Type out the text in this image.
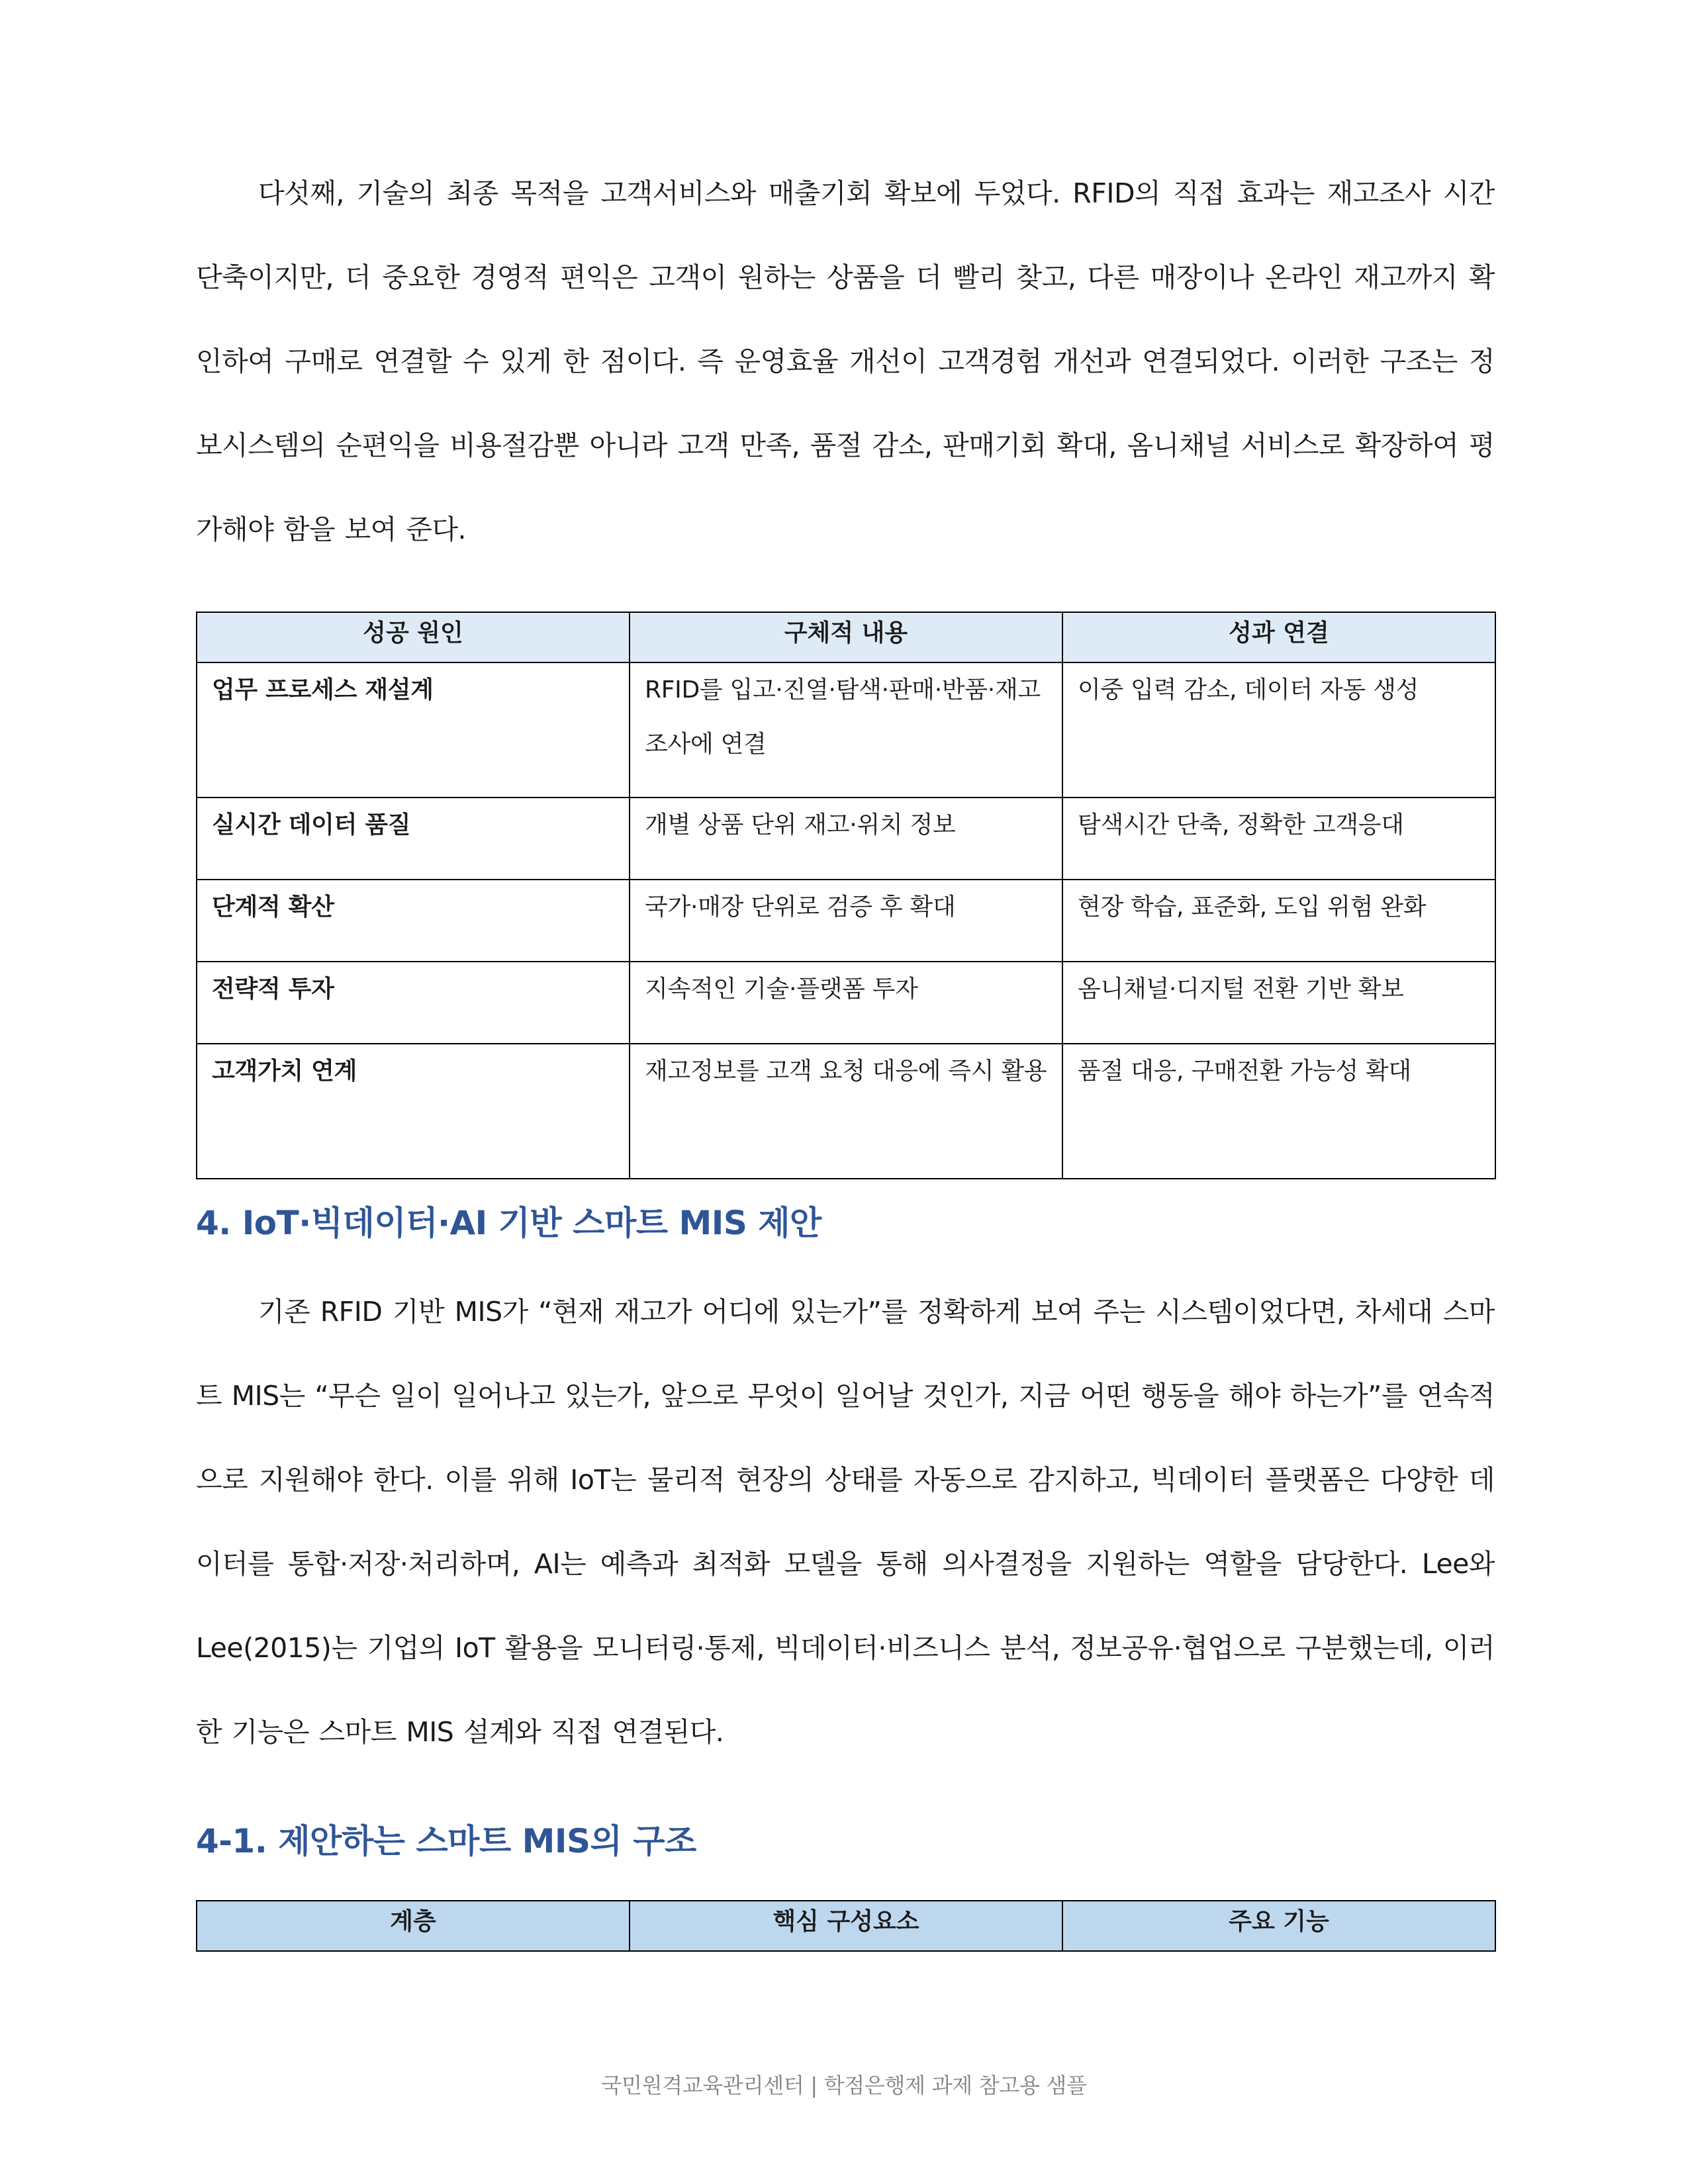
다섯째, 기술의 최종 목적을 고객서비스와 매출기회 확보에 두었다. RFID의 직접 효과는 재고조사 시간 단축이지만, 더 중요한 경영적 편익은 고객이 원하는 상품을 더 빨리 찾고, 다른 매장이나 온라인 재고까지 확인하여 구매로 연결할 수 있게 한 점이다. 즉 운영효율 개선이 고객경험 개선과 연결되었다. 이러한 구조는 정보시스템의 순편익을 비용절감뿐 아니라 고객 만족, 품절 감소, 판매기회 확대, 옴니채널 서비스로 확장하여 평가해야 함을 보여 준다.

성공 원인	구체적 내용	성과 연결
업무 프로세스 재설계	RFID를 입고·진열·탐색·판매·반품·재고조사에 연결	이중 입력 감소, 데이터 자동 생성
실시간 데이터 품질	개별 상품 단위 재고·위치 정보	탐색시간 단축, 정확한 고객응대
단계적 확산	국가·매장 단위로 검증 후 확대	현장 학습, 표준화, 도입 위험 완화
전략적 투자	지속적인 기술·플랫폼 투자	옴니채널·디지털 전환 기반 확보
고객가치 연계	재고정보를 고객 요청 대응에 즉시 활용	품절 대응, 구매전환 가능성 확대
4. IoT·빅데이터·AI 기반 스마트 MIS 제안

기존 RFID 기반 MIS가 “현재 재고가 어디에 있는가”를 정확하게 보여 주는 시스템이었다면, 차세대 스마트 MIS는 “무슨 일이 일어나고 있는가, 앞으로 무엇이 일어날 것인가, 지금 어떤 행동을 해야 하는가”를 연속적으로 지원해야 한다. 이를 위해 IoT는 물리적 현장의 상태를 자동으로 감지하고, 빅데이터 플랫폼은 다양한 데이터를 통합·저장·처리하며, AI는 예측과 최적화 모델을 통해 의사결정을 지원하는 역할을 담당한다. Lee와 Lee(2015)는 기업의 IoT 활용을 모니터링·통제, 빅데이터·비즈니스 분석, 정보공유·협업으로 구분했는데, 이러한 기능은 스마트 MIS 설계와 직접 연결된다.

4-1. 제안하는 스마트 MIS의 구조
계층	핵심 구성요소	주요 기능
국민원격교육관리센터 | 학점은행제 과제 참고용 샘플
